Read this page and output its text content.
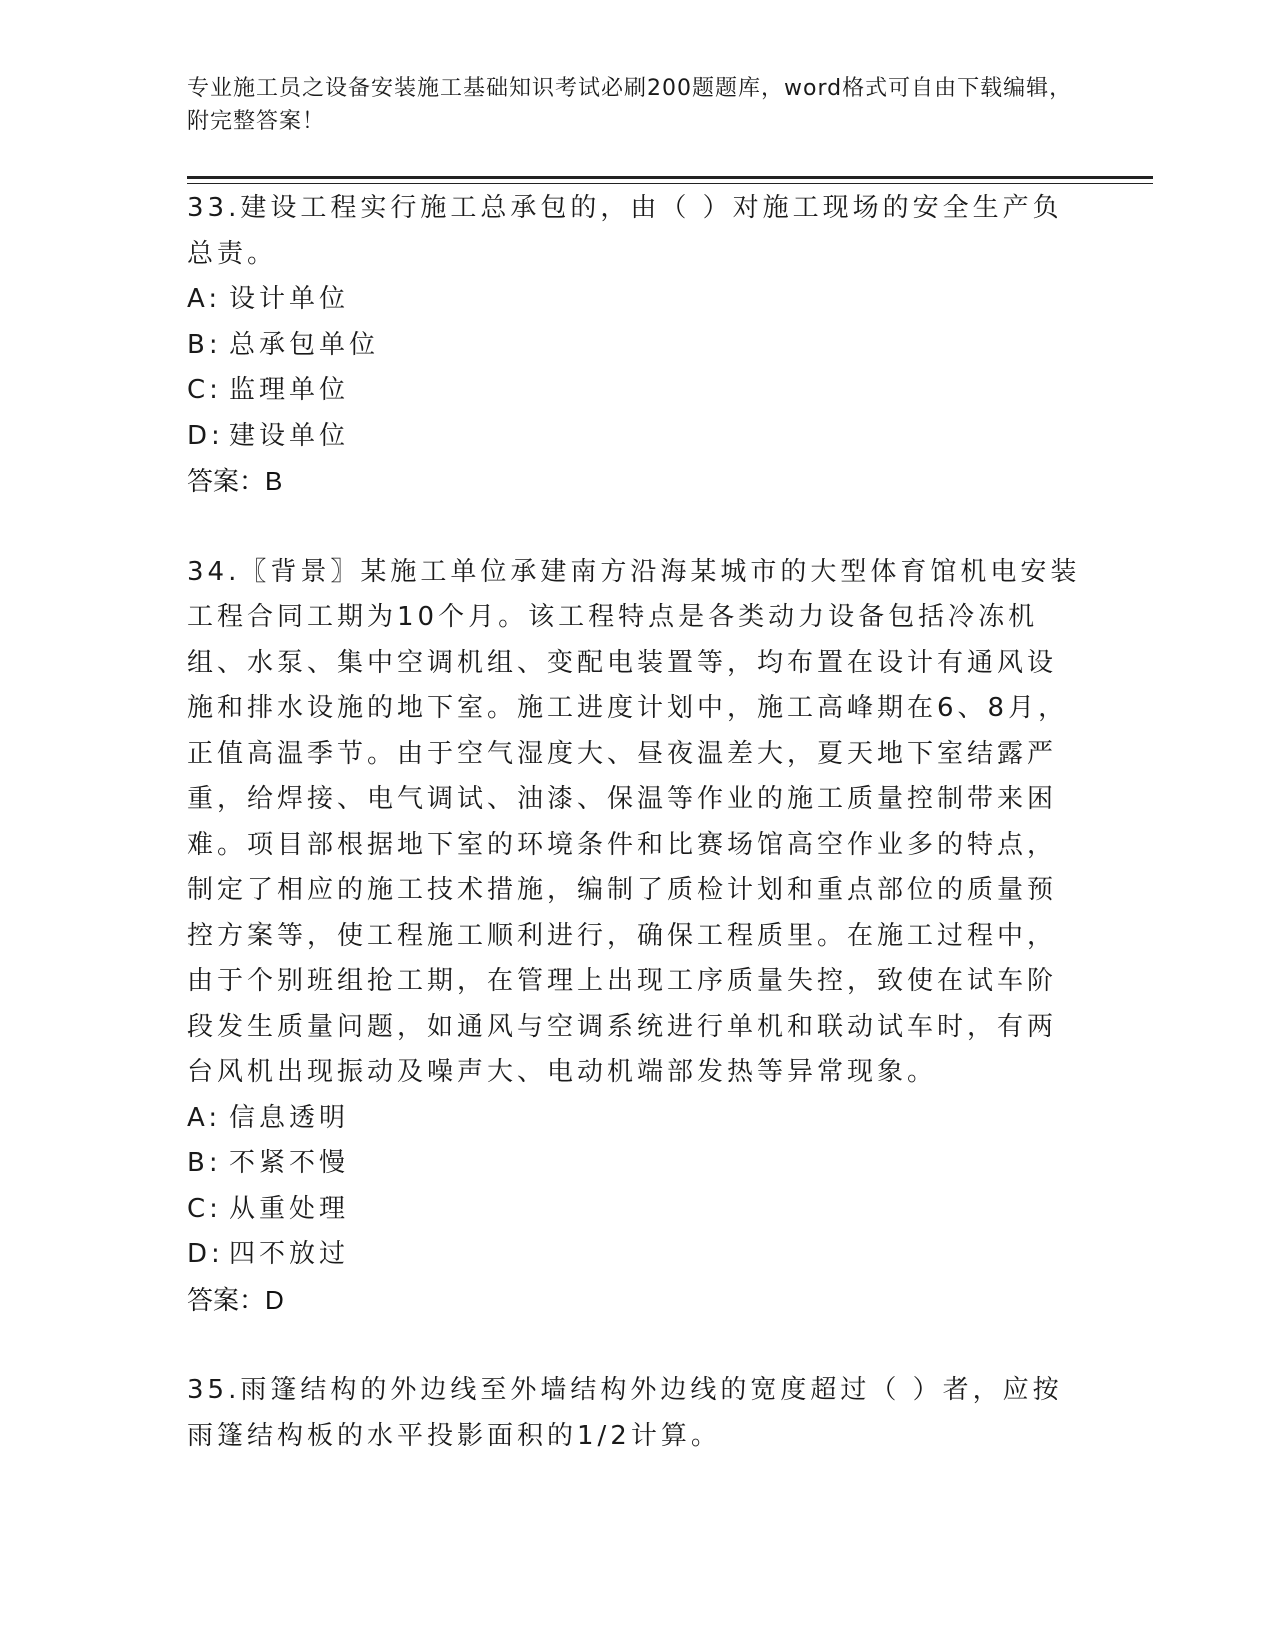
专业施工员之设备安装施工基础知识考试必刷200题题库，word格式可自由下载编辑，附完整答案！
33.建设工程实行施工总承包的，由（ ）对施工现场的安全生产负总责。
A: 设计单位
B: 总承包单位
C: 监理单位
D: 建设单位
答案：B
34.〖背景〗某施工单位承建南方沿海某城市的大型体育馆机电安装工程合同工期为10个月。该工程特点是各类动力设备包括冷冻机组、水泵、集中空调机组、变配电装置等，均布置在设计有通风设施和排水设施的地下室。施工进度计划中，施工高峰期在6、8月，正值高温季节。由于空气湿度大、昼夜温差大，夏天地下室结露严重，给焊接、电气调试、油漆、保温等作业的施工质量控制带来困难。项目部根据地下室的环境条件和比赛场馆高空作业多的特点，制定了相应的施工技术措施，编制了质检计划和重点部位的质量预控方案等，使工程施工顺利进行，确保工程质里。在施工过程中，由于个别班组抢工期，在管理上出现工序质量失控，致使在试车阶段发生质量问题，如通风与空调系统进行单机和联动试车时，有两台风机出现振动及噪声大、电动机端部发热等异常现象。
A: 信息透明
B: 不紧不慢
C: 从重处理
D: 四不放过
答案：D
35.雨篷结构的外边线至外墙结构外边线的宽度超过（ ）者，应按雨篷结构板的水平投影面积的1/2计算。
